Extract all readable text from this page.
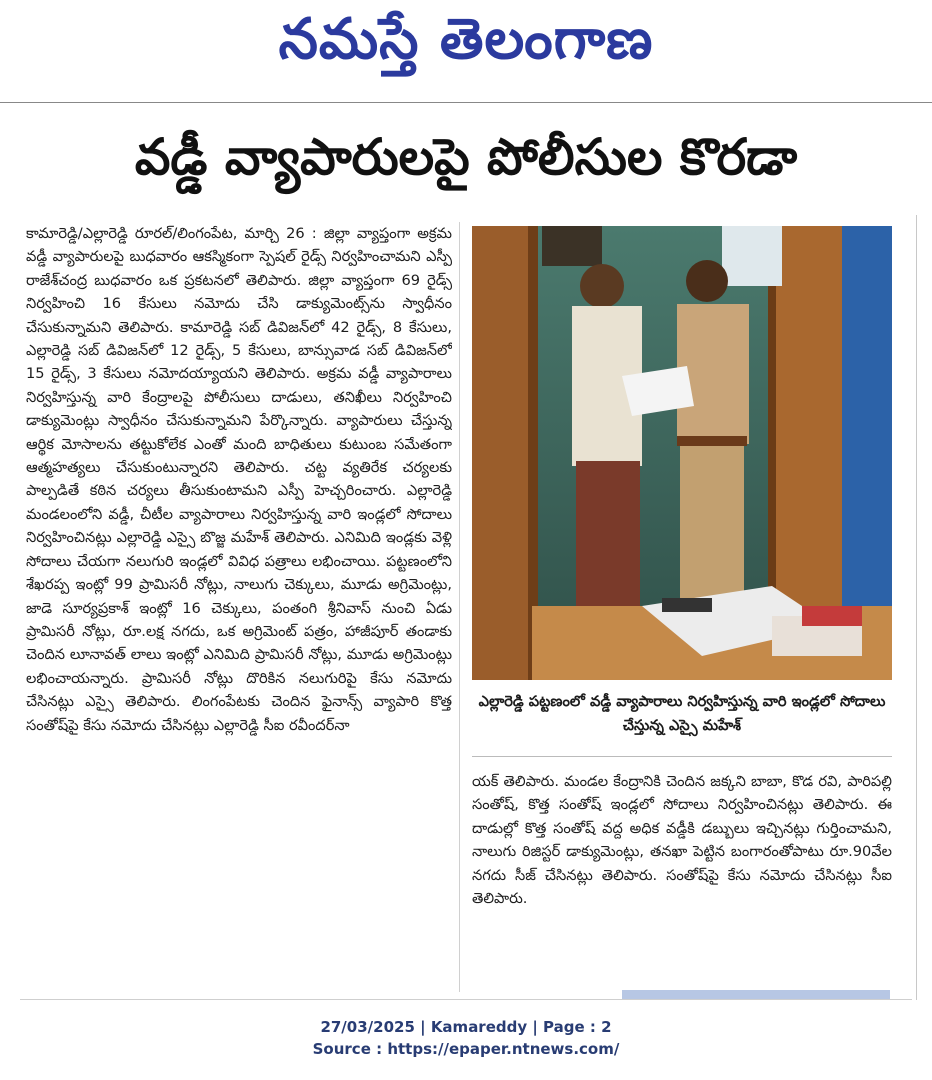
నమస్తే తెలంగాణ
వడ్డీ వ్యాపారులపై పోలీసుల కొరడా

కామారెడ్డి/ఎల్లారెడ్డి రూరల్/లింగంపేట, మార్చి 26 : జిల్లా వ్యాప్తంగా అక్రమ వడ్డీ వ్యాపారులపై బుధవారం ఆకస్మికంగా స్పెషల్ రైడ్స్ నిర్వహించామని ఎస్పీ రాజేశ్‌చంద్ర బుధవారం ఒక ప్రకటనలో తెలిపారు. జిల్లా వ్యాప్తంగా 69 రైడ్స్ నిర్వహించి 16 కేసులు నమోదు చేసి డాక్యుమెంట్స్‌ను స్వాధీనం చేసుకున్నామని తెలిపారు. కామారెడ్డి సబ్ డివిజన్‌లో 42 రైడ్స్, 8 కేసులు, ఎల్లారెడ్డి సబ్ డివిజన్‌లో 12 రైడ్స్, 5 కేసులు, బాన్సువాడ సబ్ డివిజన్‌లో 15 రైడ్స్, 3 కేసులు నమోదయ్యాయని తెలిపారు. అక్రమ వడ్డీ వ్యాపారాలు నిర్వహిస్తున్న వారి కేంద్రాలపై పోలీసులు దాడులు, తనిఖీలు నిర్వహించి డాక్యుమెంట్లు స్వాధీనం చేసుకున్నామని పేర్కొన్నారు. వ్యాపారులు చేస్తున్న ఆర్థిక మోసాలను తట్టుకోలేక ఎంతో మంది బాధితులు కుటుంబ సమేతంగా ఆత్మహత్యలు చేసుకుంటున్నారని తెలిపారు. చట్ట వ్యతిరేక చర్యలకు పాల్పడితే కఠిన చర్యలు తీసుకుంటామని ఎస్పీ హెచ్చరించారు. ఎల్లారెడ్డి మండలంలోని వడ్డీ, చీటీల వ్యాపారాలు నిర్వహిస్తున్న వారి ఇండ్లలో సోదాలు నిర్వహించినట్లు ఎల్లారెడ్డి ఎస్సై బొజ్జ మహేశ్ తెలిపారు. ఎనిమిది ఇండ్లకు వెళ్లి సోదాలు చేయగా నలుగురి ఇండ్లలో వివిధ పత్రాలు లభించాయి. పట్టణంలోని శేఖరప్ప ఇంట్లో 99 ప్రామిసరీ నోట్లు, నాలుగు చెక్కులు, మూడు అగ్రిమెంట్లు, జాడె సూర్యప్రకాశ్ ఇంట్లో 16 చెక్కులు, పంతంగి శ్రీనివాస్ నుంచి ఏడు ప్రామిసరీ నోట్లు, రూ.లక్ష నగదు, ఒక అగ్రిమెంట్ పత్రం, హాజీపూర్ తండాకు చెందిన లూనావత్ లాలు ఇంట్లో ఎనిమిది ప్రామిసరీ నోట్లు, మూడు అగ్రిమెంట్లు లభించాయన్నారు. ప్రామిసరీ నోట్లు దొరికిన నలుగురిపై కేసు నమోదు చేసినట్లు ఎస్సై తెలిపారు. లింగంపేటకు చెందిన ఫైనాన్స్ వ్యాపారి కొత్త సంతోష్‌పై కేసు నమోదు చేసినట్లు ఎల్లారెడ్డి సీఐ రవీందర్‌నా

ఎల్లారెడ్డి పట్టణంలో వడ్డీ వ్యాపారాలు నిర్వహిస్తున్న వారి ఇండ్లలో సోదాలు చేస్తున్న ఎస్సై మహేశ్

యక్ తెలిపారు. మండల కేంద్రానికి చెందిన జక్కని బాబా, కొడ రవి, పారిపల్లి సంతోష్, కొత్త సంతోష్ ఇండ్లలో సోదాలు నిర్వహించినట్లు తెలిపారు. ఈ దాడుల్లో కొత్త సంతోష్ వద్ద అధిక వడ్డీకి డబ్బులు ఇచ్చినట్లు గుర్తించామని, నాలుగు రిజిస్టర్ డాక్యుమెంట్లు, తనఖా పెట్టిన బంగారంతోపాటు రూ.90వేల నగదు సీజ్ చేసినట్లు తెలిపారు. సంతోష్‌పై కేసు నమోదు చేసినట్లు సీఐ తెలిపారు.

27/03/2025 | Kamareddy | Page : 2
Source : https://epaper.ntnews.com/
